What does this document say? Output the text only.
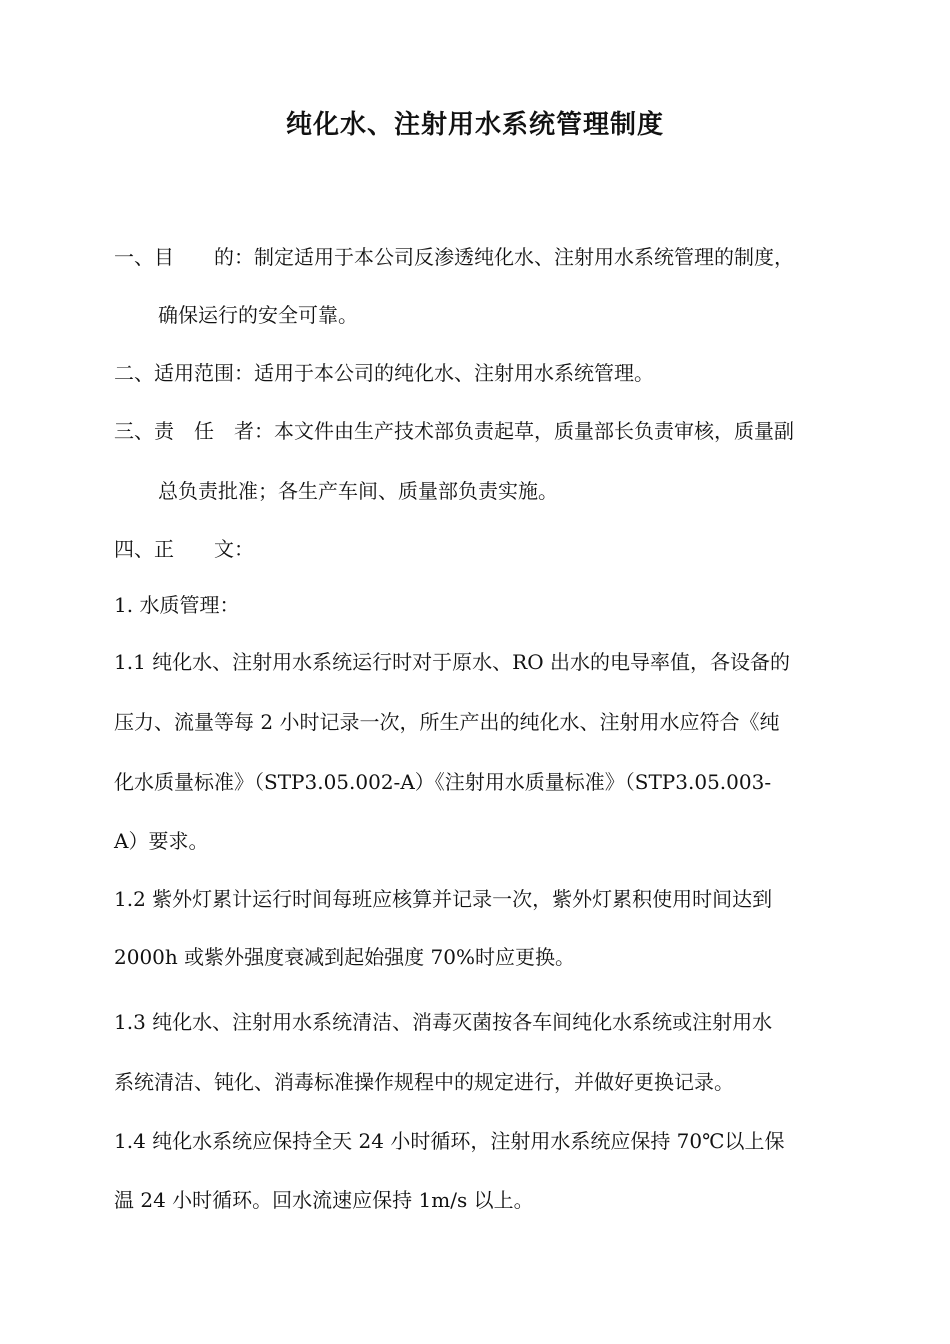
纯化水、注射用水系统管理制度
一、目　　的：制定适用于本公司反渗透纯化水、注射用水系统管理的制度，
确保运行的安全可靠。
二、适用范围：适用于本公司的纯化水、注射用水系统管理。
三、责　任　者：本文件由生产技术部负责起草，质量部长负责审核，质量副
总负责批准；各生产车间、质量部负责实施。
四、正　　文：
1. 水质管理：
1.1 纯化水、注射用水系统运行时对于原水、RO 出水的电导率值，各设备的
压力、流量等每 2 小时记录一次，所生产出的纯化水、注射用水应符合《纯
化水质量标准》（STP3.05.002-A）《注射用水质量标准》（STP3.05.003-
A）要求。
1.2 紫外灯累计运行时间每班应核算并记录一次，紫外灯累积使用时间达到
2000h 或紫外强度衰减到起始强度 70%时应更换。
1.3 纯化水、注射用水系统清洁、消毒灭菌按各车间纯化水系统或注射用水
系统清洁、钝化、消毒标准操作规程中的规定进行，并做好更换记录。
1.4 纯化水系统应保持全天 24 小时循环，注射用水系统应保持 70℃以上保
温 24 小时循环。回水流速应保持 1m/s 以上。
